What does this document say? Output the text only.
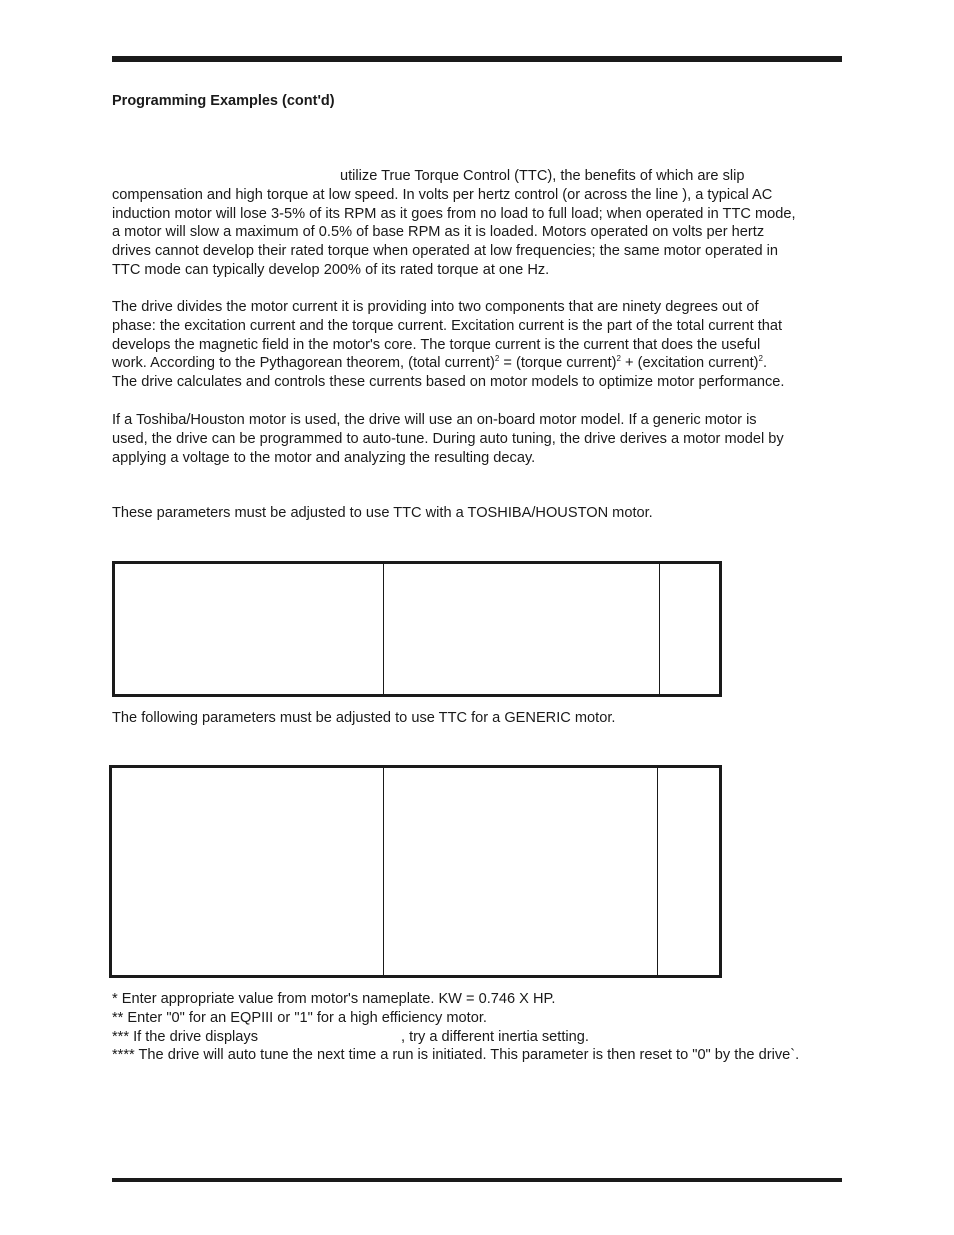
Programming Examples (cont'd)

utilize True Torque Control (TTC), the benefits of which are slip
compensation and high torque at low speed. In volts per hertz control (or across the line ), a typical AC
induction motor will lose 3-5% of its RPM as it goes from no load to full load; when operated in TTC mode,
a motor will slow a maximum of 0.5% of base RPM as it is loaded. Motors operated on volts per hertz
drives cannot develop their rated torque when operated at low frequencies; the same motor operated in
TTC mode can typically develop 200% of its rated torque at one Hz.

The drive divides the motor current it is providing into two components that are ninety degrees out of
phase: the excitation current and the torque current. Excitation current is the part of the total current that
develops the magnetic field in the motor's core. The torque current is the current that does the useful
work. According to the Pythagorean theorem, (total current)$^2$ = (torque current)$^2$ + (excitation current)$^2$.
The drive calculates and controls these currents based on motor models to optimize motor performance.

If a Toshiba/Houston motor is used, the drive will use an on-board motor model. If a generic motor is
used, the drive can be programmed to auto-tune. During auto tuning, the drive derives a motor model by
applying a voltage to the motor and analyzing the resulting decay.

These parameters must be adjusted to use TTC with a TOSHIBA/HOUSTON motor.

The following parameters must be adjusted to use TTC for a GENERIC motor.

* Enter appropriate value from motor's nameplate. KW = 0.746 X HP.
** Enter "0" for an EQPIII or "1" for a high efficiency motor.
*** If the drive displays	, try a different inertia setting.
**** The drive will auto tune the next time a run is initiated. This parameter is then reset to "0" by the drive`.
